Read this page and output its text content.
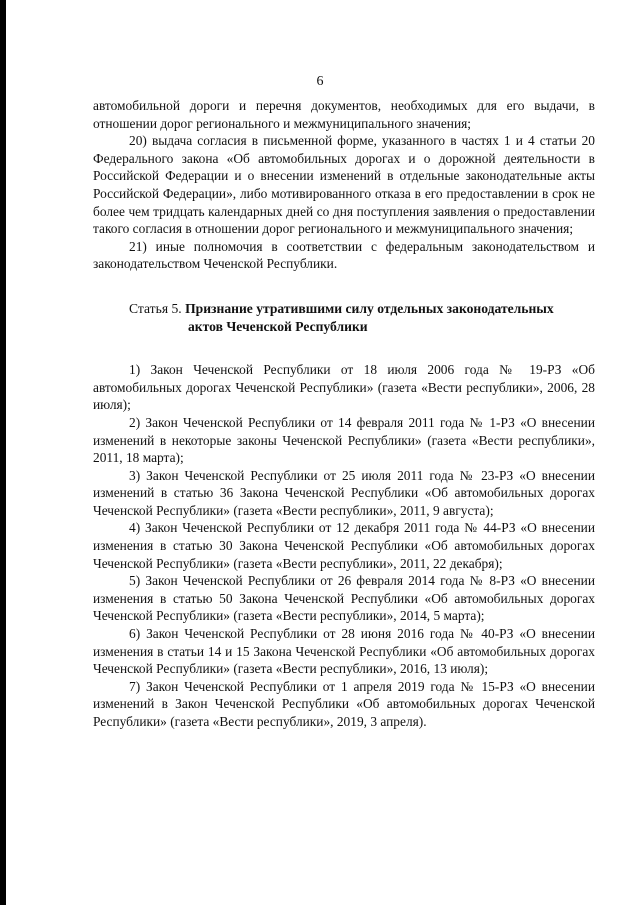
6

автомобильной дороги и перечня документов, необходимых для его выдачи, в отношении дорог регионального и межмуниципального значения;

20) выдача согласия в письменной форме, указанного в частях 1 и 4 статьи 20 Федерального закона «Об автомобильных дорогах и о дорожной деятельности в Российской Федерации и о внесении изменений в отдельные законодательные акты Российской Федерации», либо мотивированного отказа в его предоставлении в срок не более чем тридцать календарных дней со дня поступления заявления о предоставлении такого согласия в отношении дорог регионального и межмуниципального значения;

21) иные полномочия в соответствии с федеральным законодательством и законодательством Чеченской Республики.

Статья 5. Признание утратившими силу отдельных законодательных
актов Чеченской Республики

1) Закон Чеченской Республики от 18 июля 2006 года № 19-РЗ «Об автомобильных дорогах Чеченской Республики» (газета «Вести республики», 2006, 28 июля);

2) Закон Чеченской Республики от 14 февраля 2011 года № 1-РЗ «О внесении изменений в некоторые законы Чеченской Республики» (газета «Вести республики», 2011, 18 марта);

3) Закон Чеченской Республики от 25 июля 2011 года № 23-РЗ «О внесении изменений в статью 36 Закона Чеченской Республики «Об автомобильных дорогах Чеченской Республики» (газета «Вести республики», 2011, 9 августа);

4) Закон Чеченской Республики от 12 декабря 2011 года № 44-РЗ «О внесении изменения в статью 30 Закона Чеченской Республики «Об автомобильных дорогах Чеченской Республики» (газета «Вести республики», 2011, 22 декабря);

5) Закон Чеченской Республики от 26 февраля 2014 года № 8-РЗ «О внесении изменения в статью 50 Закона Чеченской Республики «Об автомобильных дорогах Чеченской Республики» (газета «Вести республики», 2014, 5 марта);

6) Закон Чеченской Республики от 28 июня 2016 года № 40-РЗ «О внесении изменения в статьи 14 и 15 Закона Чеченской Республики «Об автомобильных дорогах Чеченской Республики» (газета «Вести республики», 2016, 13 июля);

7) Закон Чеченской Республики от 1 апреля 2019 года № 15-РЗ «О внесении изменений в Закон Чеченской Республики «Об автомобильных дорогах Чеченской Республики» (газета «Вести республики», 2019, 3 апреля).
